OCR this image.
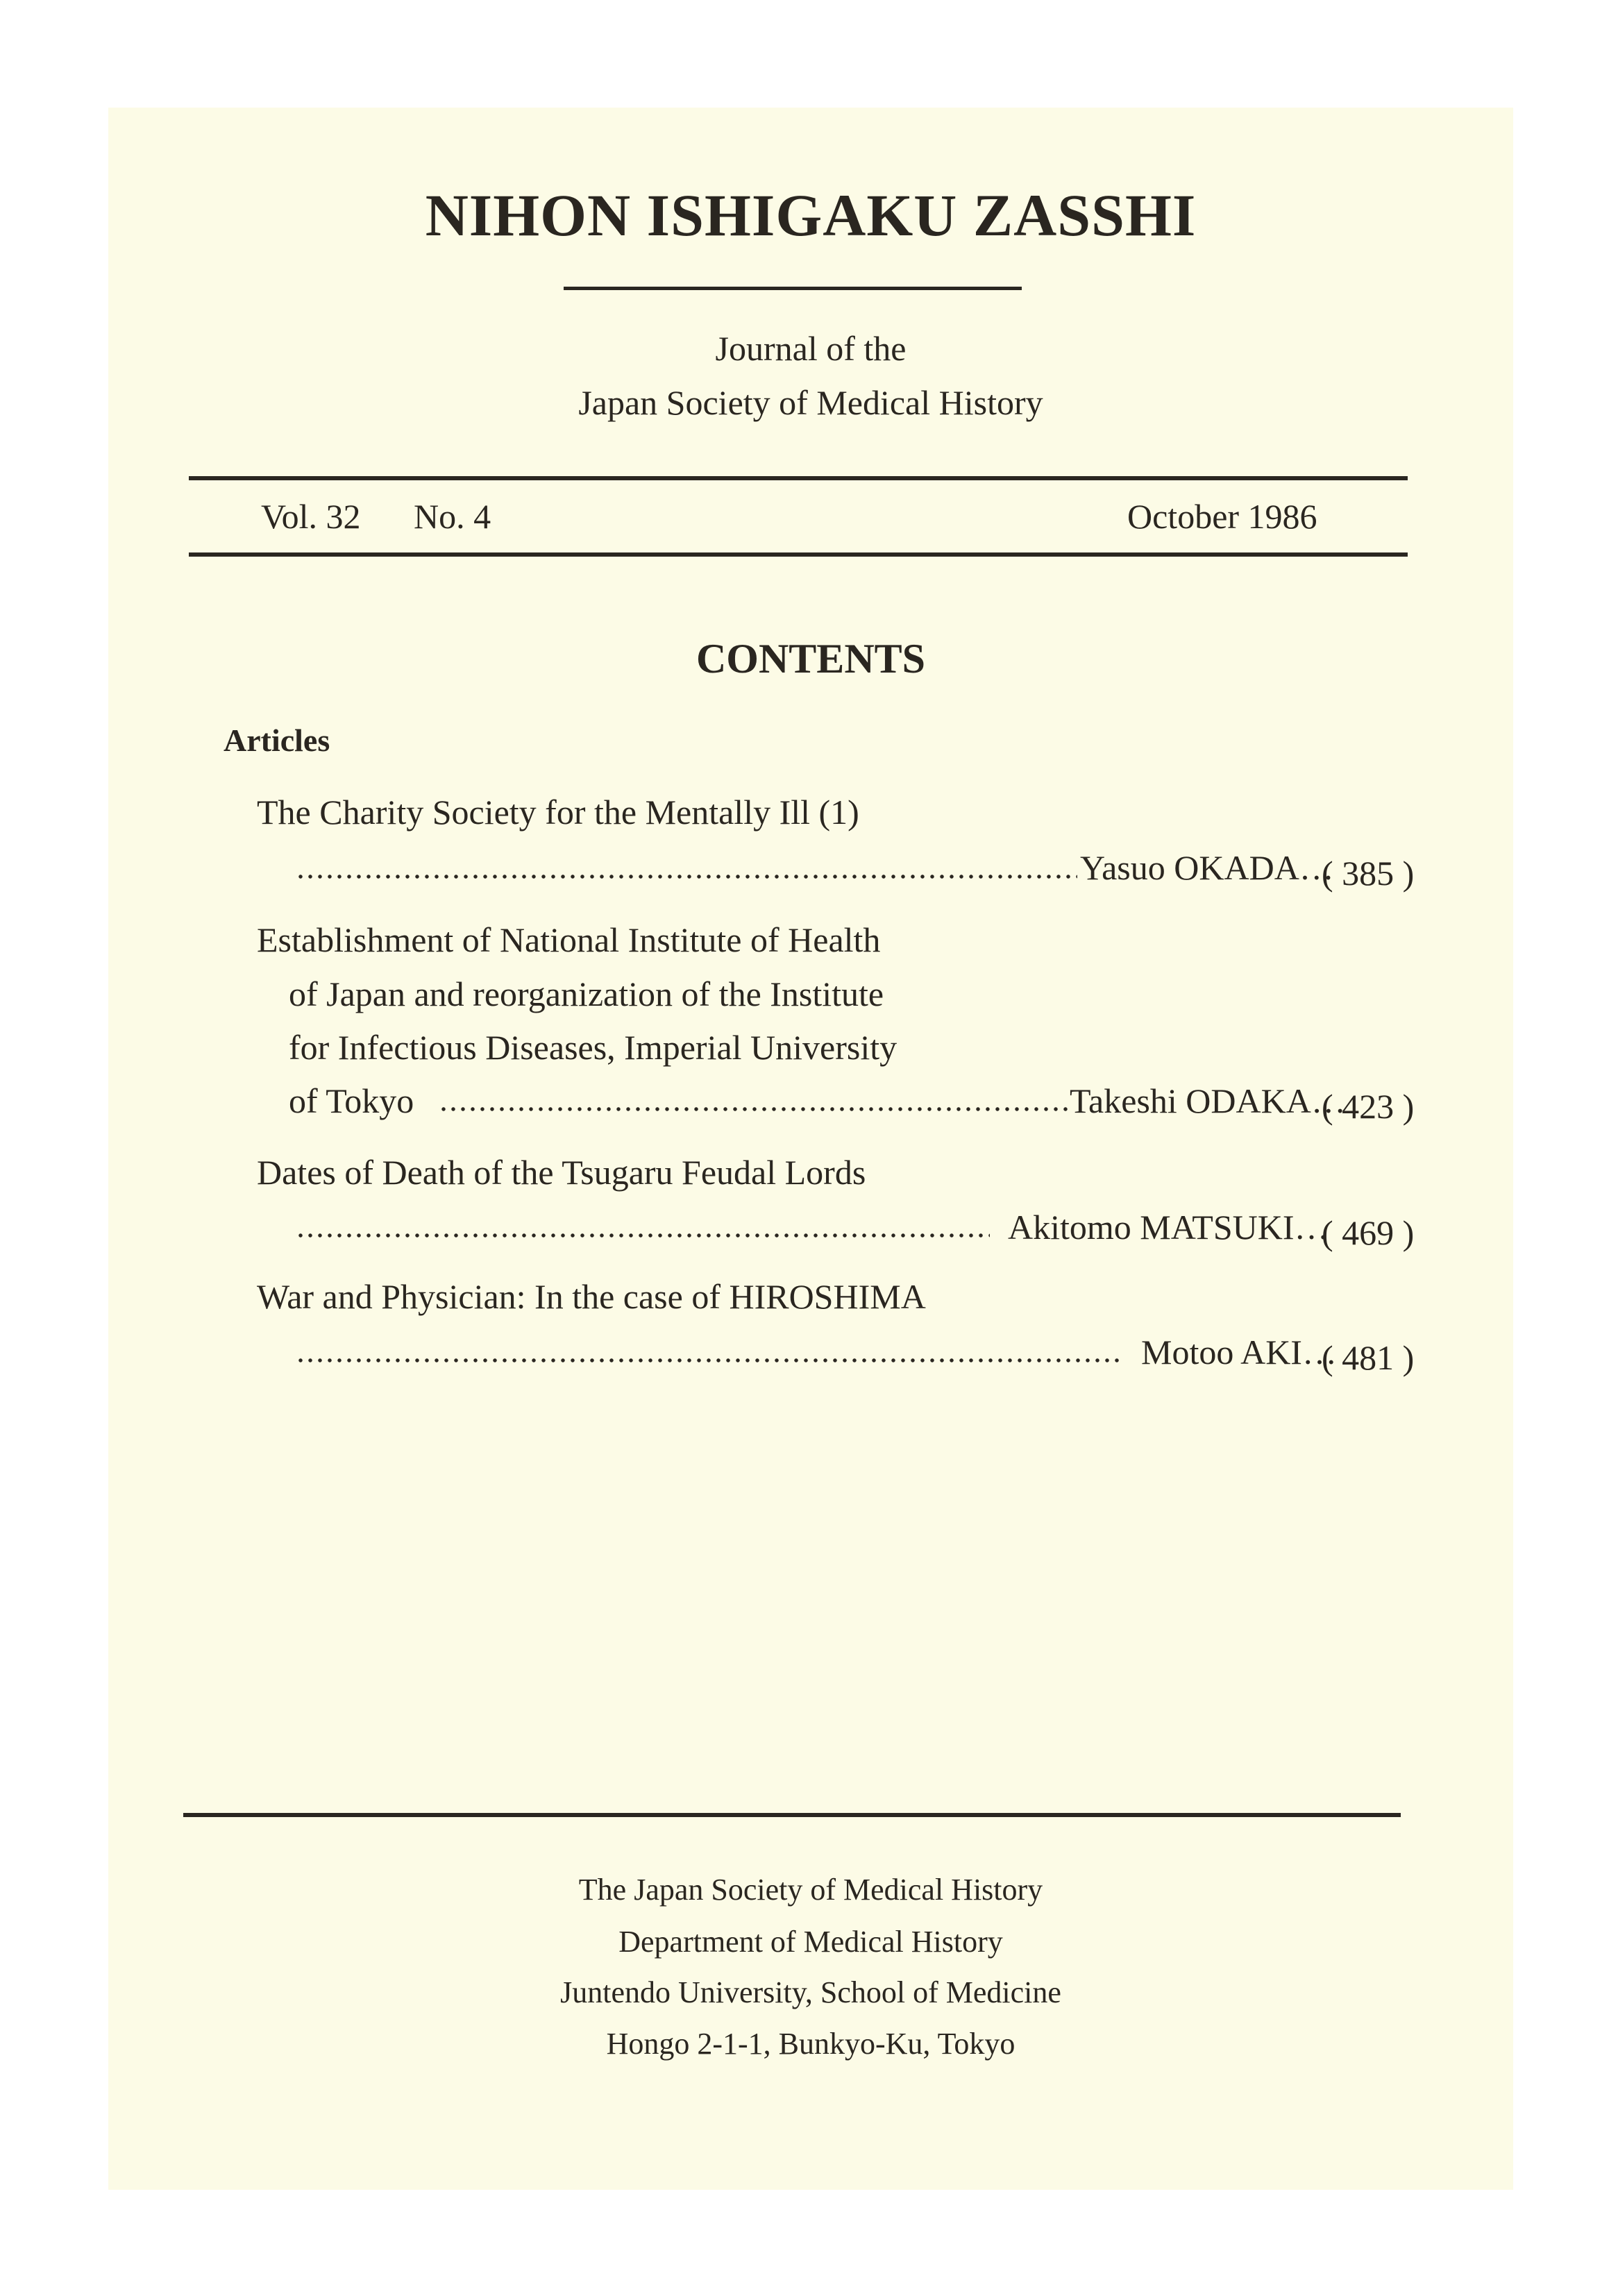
NIHON ISHIGAKU ZASSHI
Journal of the
Japan Society of Medical History
Vol. 32 No. 4	October 1986
CONTENTS
Articles
The Charity Society for the Mentally Ill (1)
Yasuo OKADA…
( 385 )
Establishment of National Institute of Health
of Japan and reorganization of the Institute
for Infectious Diseases, Imperial University
of Tokyo	Takeshi ODAKA…
( 423 )
Dates of Death of the Tsugaru Feudal Lords
Akitomo MATSUKI…
( 469 )
War and Physician: In the case of HIROSHIMA
Motoo AKI…
( 481 )
The Japan Society of Medical History
Department of Medical History
Juntendo University, School of Medicine
Hongo 2-1-1, Bunkyo-Ku, Tokyo
